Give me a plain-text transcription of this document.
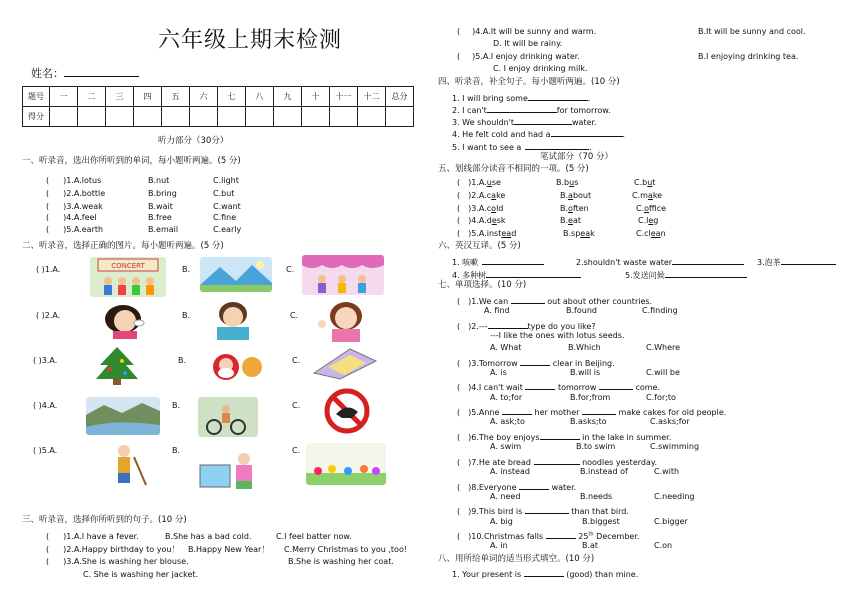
六年级上期末检测
姓名：
题号	一	二	三	四	五	六	七	八	九	十	十一	十二	总分
得分													
听力部分（30分）
一、听录音，选出你所听到的单词，每小题听两遍。(5 分)
( )1.A.lotus	B.nut	C.light
( )2.A.bottle	B.bring	C.but
( )3.A.weak	B.wait	C.want
( )4.A.feel	B.free	C.fine
( )5.A.earth	B.email	C.early
二、听录音，选择正确的图片。每小题听两遍。(5 分)
( )1.A.	B.	C.
( )2.A.	B.	C.
( )3.A.	B.	C.
( )4.A.	B.	C.
( )5.A.	B.	C.
CONCERT
三、听录音，选择你所听到的句子。(10 分)
( )1.A.I have a fever.	B.She has a bad cold.	C.I feel batter now.
( )2.A.Happy birthday to you！ B.Happy New Year！ C.Merry Christmas to you ,too!
( )3.A.She is washing her blouse.	B.She is washing her coat.
C. She is washing her jacket.
( )4.A.It will be sunny and warm.	B.It will be sunny and cool.
D. It will be rainy.
( )5.A.I enjoy drinking water.	B.I enjoying drinking tea.
C. I enjoy drinking milk.
四、听录音，补全句子。每小题听两遍。(10 分)
1. I will bring some	.
2. I can't	for tomorrow.
3. We shouldn't	water.
4. He felt cold and had a	.
5. I want to see a	.
笔试部分（70 分）
五、划线部分读音不相同的一项。(5 分)
( )1.A.use	B.bus	C.but
( )2.A.cake	B.about	C.make
( )3.A.cold	B.often	C.office
( )4.A.desk	B.eat	C.leg
( )5.A.instead	B.speak	C.clean
六、英汉互译。(5 分)
1. 咳嗽	2.shouldn't waste water	3.泡茶
4. 多种树	5.发送问候
七、单项选择。(10 分)
( )1.We can	out about other countries.
A. find	B.found	C.finding
( )2.---	type do you like?
---I like the ones with lotus seeds.
A. What	B.Which	C.Where
( )3.Tomorrow	clear in Beijing.
A. is	B.will is	C.will be
( )4.I can't wait	tomorrow	come.
A. to;for	B.for;from	C.for;to
( )5.Anne	her mother	make cakes for old people.
A. ask;to	B.asks;to	C.asks;for
( )6.The boy enjoys	in the lake in summer.
A. swim	B.to swim	C.swimming
( )7.He ate bread	noodles yesterday.
A. instead	B.instead of	C.with
( )8.Everyone	water.
A. need	B.needs	C.needing
( )9.This bird is	than that bird.
A. big	B.biggest	C.bigger
( )10.Christmas falls	25th December.
A. in	B.at	C.on
八、用所给单词的适当形式填空。(10 分)
1. Your present is	(good) than mine.
